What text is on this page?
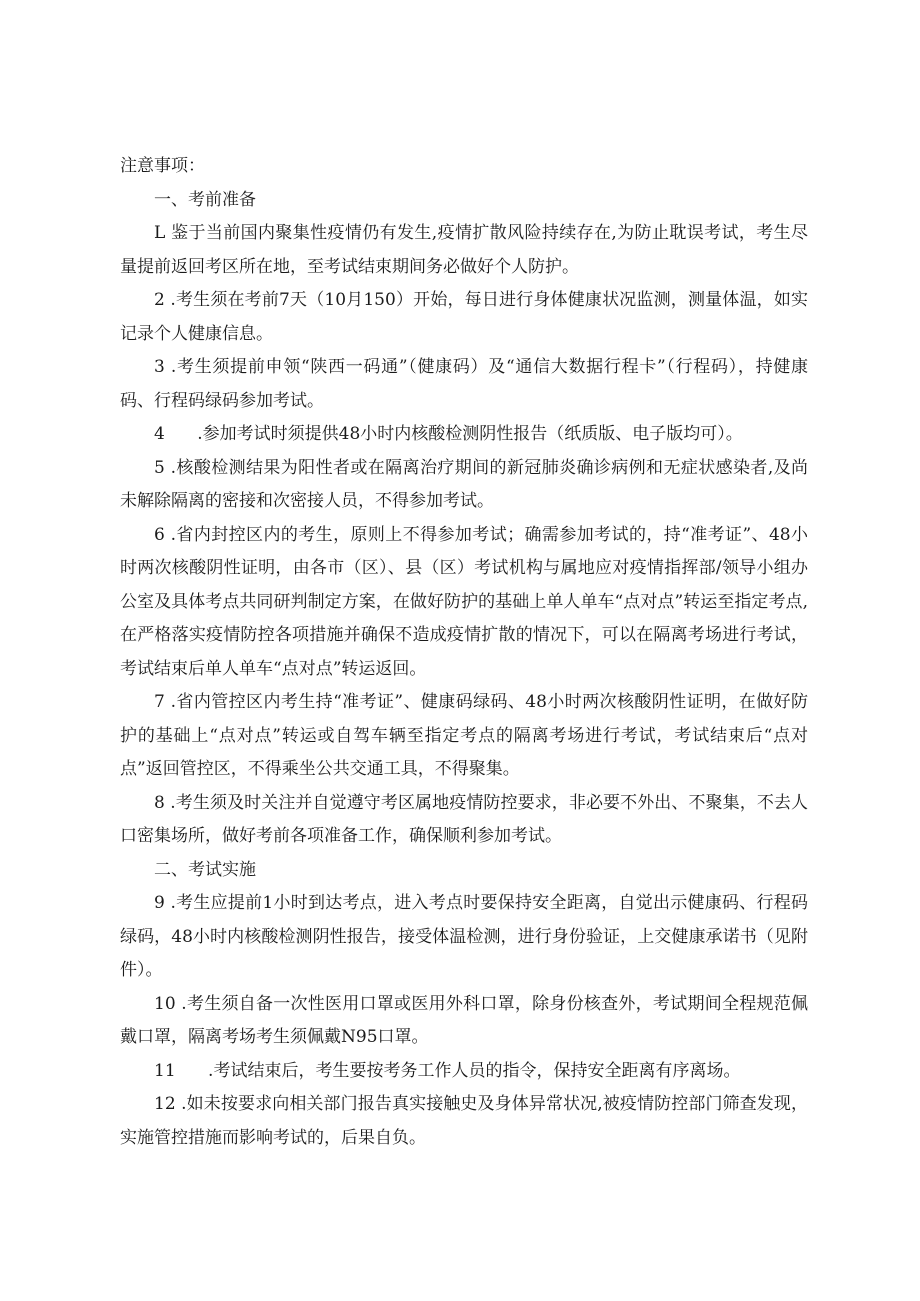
注意事项：

一、考前准备

L 鉴于当前国内聚集性疫情仍有发生,疫情扩散风险持续存在,为防止耽误考试，考生尽量提前返回考区所在地，至考试结束期间务必做好个人防护。

2 .考生须在考前7天（10月150）开始，每日进行身体健康状况监测，测量体温，如实记录个人健康信息。

3 .考生须提前申领“陕西一码通”（健康码）及“通信大数据行程卡”（行程码），持健康码、行程码绿码参加考试。

4      .参加考试时须提供48小时内核酸检测阴性报告（纸质版、电子版均可）。

5 .核酸检测结果为阳性者或在隔离治疗期间的新冠肺炎确诊病例和无症状感染者,及尚未解除隔离的密接和次密接人员，不得参加考试。

6 .省内封控区内的考生，原则上不得参加考试；确需参加考试的，持“准考证”、48小时两次核酸阴性证明，由各市（区）、县（区）考试机构与属地应对疫情指挥部/领导小组办公室及具体考点共同研判制定方案，在做好防护的基础上单人单车“点对点”转运至指定考点,在严格落实疫情防控各项措施并确保不造成疫情扩散的情况下，可以在隔离考场进行考试，考试结束后单人单车“点对点”转运返回。

7 .省内管控区内考生持“准考证”、健康码绿码、48小时两次核酸阴性证明，在做好防护的基础上“点对点”转运或自驾车辆至指定考点的隔离考场进行考试，考试结束后“点对点”返回管控区，不得乘坐公共交通工具，不得聚集。

8 .考生须及时关注并自觉遵守考区属地疫情防控要求，非必要不外出、不聚集，不去人口密集场所，做好考前各项准备工作，确保顺利参加考试。

二、考试实施

9 .考生应提前1小时到达考点，进入考点时要保持安全距离，自觉出示健康码、行程码绿码，48小时内核酸检测阴性报告，接受体温检测，进行身份验证，上交健康承诺书（见附件）。

10 .考生须自备一次性医用口罩或医用外科口罩，除身份核查外，考试期间全程规范佩戴口罩，隔离考场考生须佩戴N95口罩。

11      .考试结束后，考生要按考务工作人员的指令，保持安全距离有序离场。

12 .如未按要求向相关部门报告真实接触史及身体异常状况,被疫情防控部门筛查发现，实施管控措施而影响考试的，后果自负。
